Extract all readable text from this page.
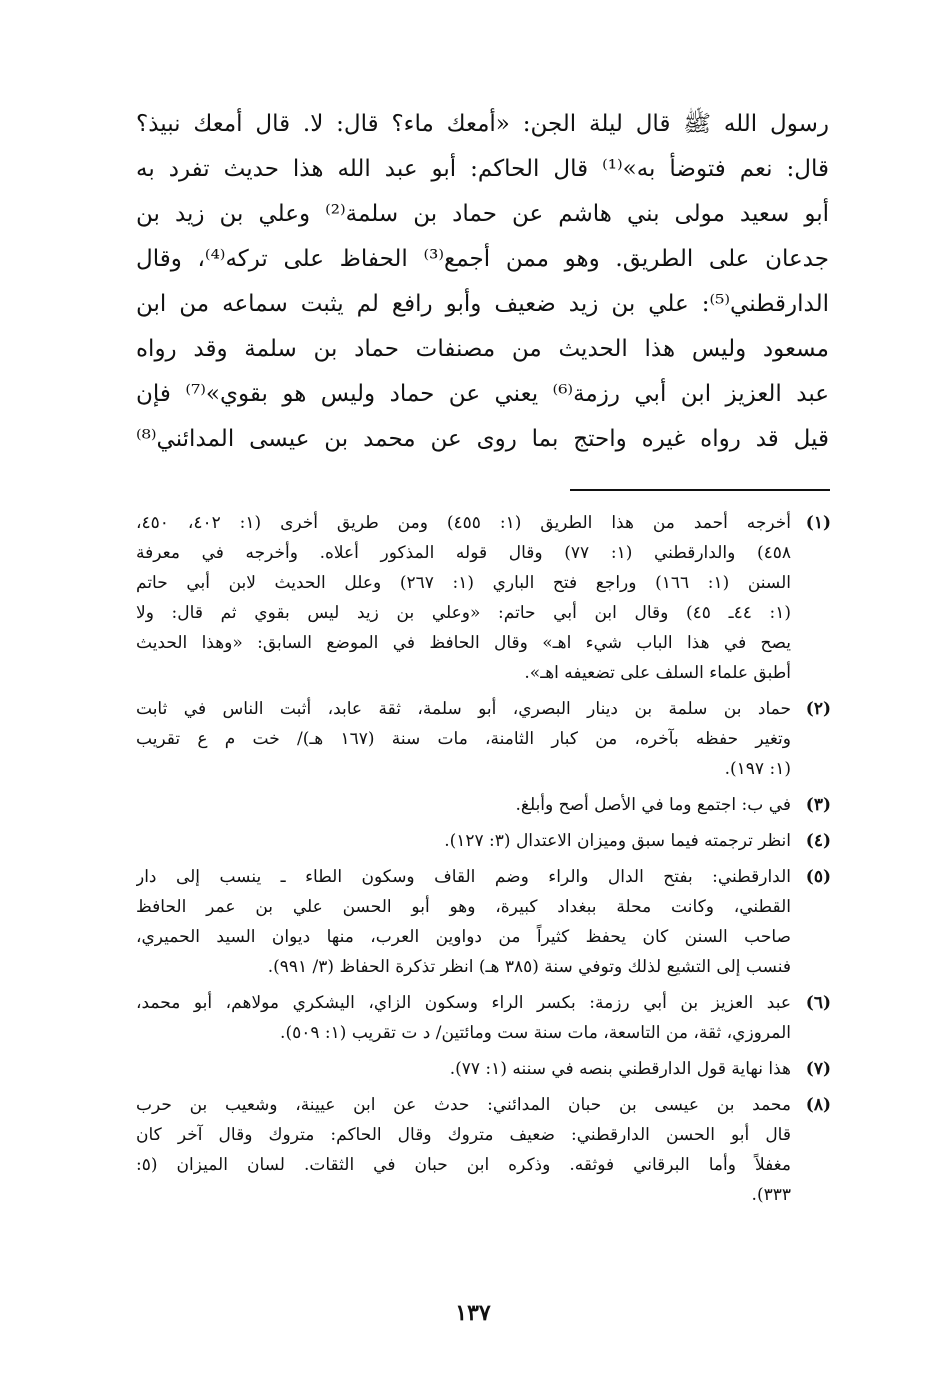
رسول الله ﷺ قال ليلة الجن: «أمعك ماء؟ قال: لا. قال أمعك نبيذ؟
قال: نعم فتوضأ به»⁽¹⁾ قال الحاكم: أبو عبد الله هذا حديث تفرد به
أبو سعيد مولى بني هاشم عن حماد بن سلمة⁽²⁾ وعلي بن زيد بن
جدعان على الطريق. وهو ممن أجمع⁽³⁾ الحفاظ على تركه⁽⁴⁾، وقال
الدارقطني⁽⁵⁾: علي بن زيد ضعيف وأبو رافع لم يثبت سماعه من ابن
مسعود وليس هذا الحديث من مصنفات حماد بن سلمة وقد رواه
عبد العزيز ابن أبي رزمة⁽⁶⁾ يعني عن حماد وليس هو بقوي»⁽⁷⁾ فإن
قيل قد رواه غيره واحتج بما روى عن محمد بن عيسى المدائني⁽⁸⁾
(١)
أخرجه أحمد من هذا الطريق (١: ٤٥٥) ومن طريق أخرى (١: ٤٠٢، ٤٥٠،
٤٥٨) والدارقطني (١: ٧٧) وقال قوله المذكور أعلاه. وأخرجه في معرفة
السنن (١: ١٦٦) وراجع فتح الباري (١: ٢٦٧) وعلل الحديث لابن أبي حاتم
(١: ٤٤ـ ٤٥) وقال ابن أبي حاتم: «وعلي بن زيد ليس بقوي ثم قال: ولا
يصح في هذا الباب شيء اهـ» وقال الحافظ في الموضع السابق: «وهذا الحديث
أطبق علماء السلف على تضعيفه اهـ».
(٢)
حماد بن سلمة بن دينار البصري، أبو سلمة، ثقة عابد، أثبت الناس في ثابت
وتغير حفظه بآخره، من كبار الثامنة، مات سنة (١٦٧ هـ)/ خت م ع تقريب
(١: ١٩٧).
(٣)
في ب: اجتمع وما في الأصل أصح وأبلغ.
(٤)
انظر ترجمته فيما سبق وميزان الاعتدال (٣: ١٢٧).
(٥)
الدارقطني: بفتح الدال والراء وضم القاف وسكون الطاء ـ ينسب إلى دار
القطني، وكانت محلة ببغداد كبيرة، وهو أبو الحسن علي بن عمر الحافظ
صاحب السنن كان يحفظ كثيراً من دواوين العرب، منها ديوان السيد الحميري،
فنسب إلى التشيع لذلك وتوفي سنة (٣٨٥ هـ) انظر تذكرة الحفاظ (٣/ ٩٩١).
(٦)
عبد العزيز بن أبي رزمة: بكسر الراء وسكون الزاي، اليشكري مولاهم، أبو محمد،
المروزي، ثقة، من التاسعة، مات سنة ست ومائتين/ د ت تقريب (١: ٥٠٩).
(٧)
هذا نهاية قول الدارقطني بنصه في سننه (١: ٧٧).
(٨)
محمد بن عيسى بن حبان المدائني: حدث عن ابن عيينة، وشعيب بن حرب
قال أبو الحسن الدارقطني: ضعيف متروك وقال الحاكم: متروك وقال آخر كان
مغفلاً وأما البرقاني فوثقه. وذكره ابن حبان في الثقات. لسان الميزان (٥:
٣٣٣).
١٣٧
